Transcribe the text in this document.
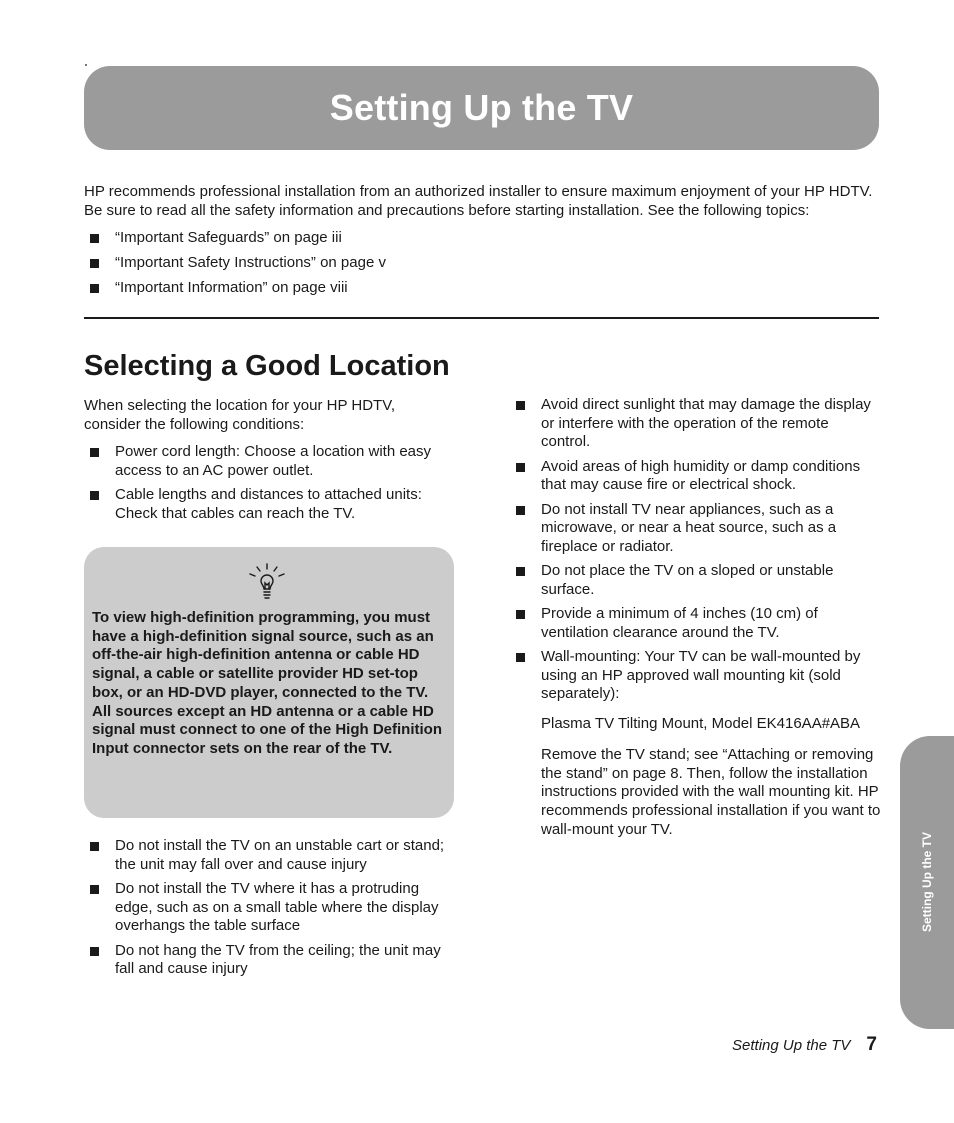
Setting Up the TV

HP recommends professional installation from an authorized installer to ensure maximum enjoyment of your HP HDTV. Be sure to read all the safety information and precautions before starting installation. See the following topics:

“Important Safeguards” on page iii
“Important Safety Instructions” on page v
“Important Information” on page viii
Selecting a Good Location

When selecting the location for your HP HDTV, consider the following conditions:

Power cord length: Choose a location with easy access to an AC power outlet.
Cable lengths and distances to attached units: Check that cables can reach the TV.

To view high-definition programming, you must have a high-definition signal source, such as an off-the-air high-definition antenna or cable HD signal, a cable or satellite provider HD set-top box, or an HD-DVD player, connected to the TV. All sources except an HD antenna or a cable HD signal must connect to one of the High Definition Input connector sets on the rear of the TV.

Do not install the TV on an unstable cart or stand; the unit may fall over and cause injury
Do not install the TV where it has a protruding edge, such as on a small table where the display overhangs the table surface
Do not hang the TV from the ceiling; the unit may fall and cause injury
Avoid direct sunlight that may damage the display or interfere with the operation of the remote control.
Avoid areas of high humidity or damp conditions that may cause fire or electrical shock.
Do not install TV near appliances, such as a microwave, or near a heat source, such as a fireplace or radiator.
Do not place the TV on a sloped or unstable surface.
Provide a minimum of 4 inches (10 cm) of ventilation clearance around the TV.
Wall-mounting: Your TV can be wall-mounted by using an HP approved wall mounting kit (sold separately):

Plasma TV Tilting Mount, Model EK416AA#ABA

Remove the TV stand; see “Attaching or removing the stand” on page 8. Then, follow the installation instructions provided with the wall mounting kit. HP recommends professional installation if you want to wall-mount your TV.

Setting Up the TV
Setting Up the TV 7
